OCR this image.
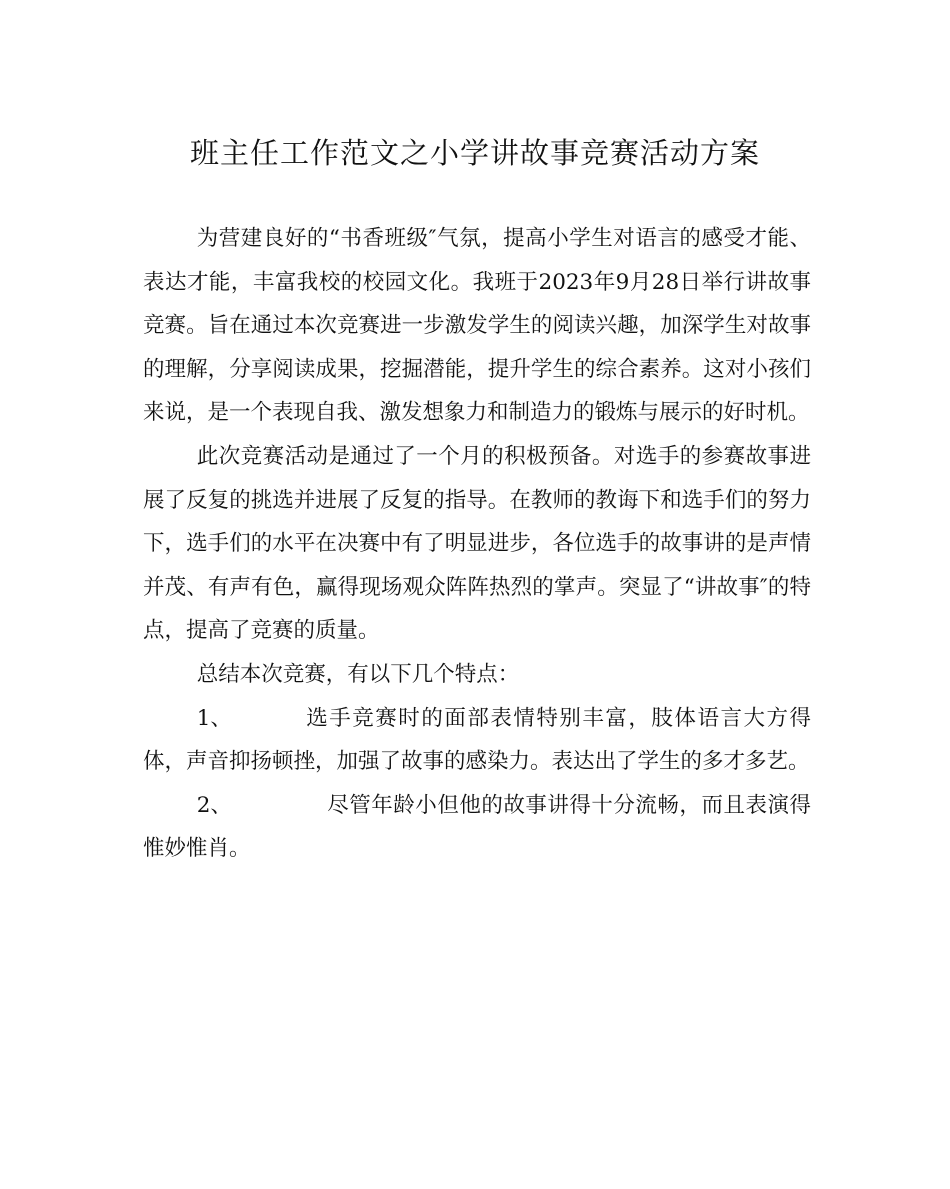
班主任工作范文之小学讲故事竞赛活动方案

为营建良好的“书香班级″气氛，提高小学生对语言的感受才能、表达才能，丰富我校的校园文化。我班于2023年9月28日举行讲故事竞赛。旨在通过本次竞赛进一步激发学生的阅读兴趣，加深学生对故事的理解，分享阅读成果，挖掘潜能，提升学生的综合素养。这对小孩们来说，是一个表现自我、激发想象力和制造力的锻炼与展示的好时机。

此次竞赛活动是通过了一个月的积极预备。对选手的参赛故事进展了反复的挑选并进展了反复的指导。在教师的教诲下和选手们的努力下，选手们的水平在决赛中有了明显进步，各位选手的故事讲的是声情并茂、有声有色，赢得现场观众阵阵热烈的掌声。突显了“讲故事″的特点，提高了竞赛的质量。

总结本次竞赛，有以下几个特点：

1、	选手竞赛时的面部表情特别丰富，肢体语言大方得体，声音抑扬顿挫，加强了故事的感染力。表达出了学生的多才多艺。

2、	尽管年龄小但他的故事讲得十分流畅，而且表演得惟妙惟肖。
